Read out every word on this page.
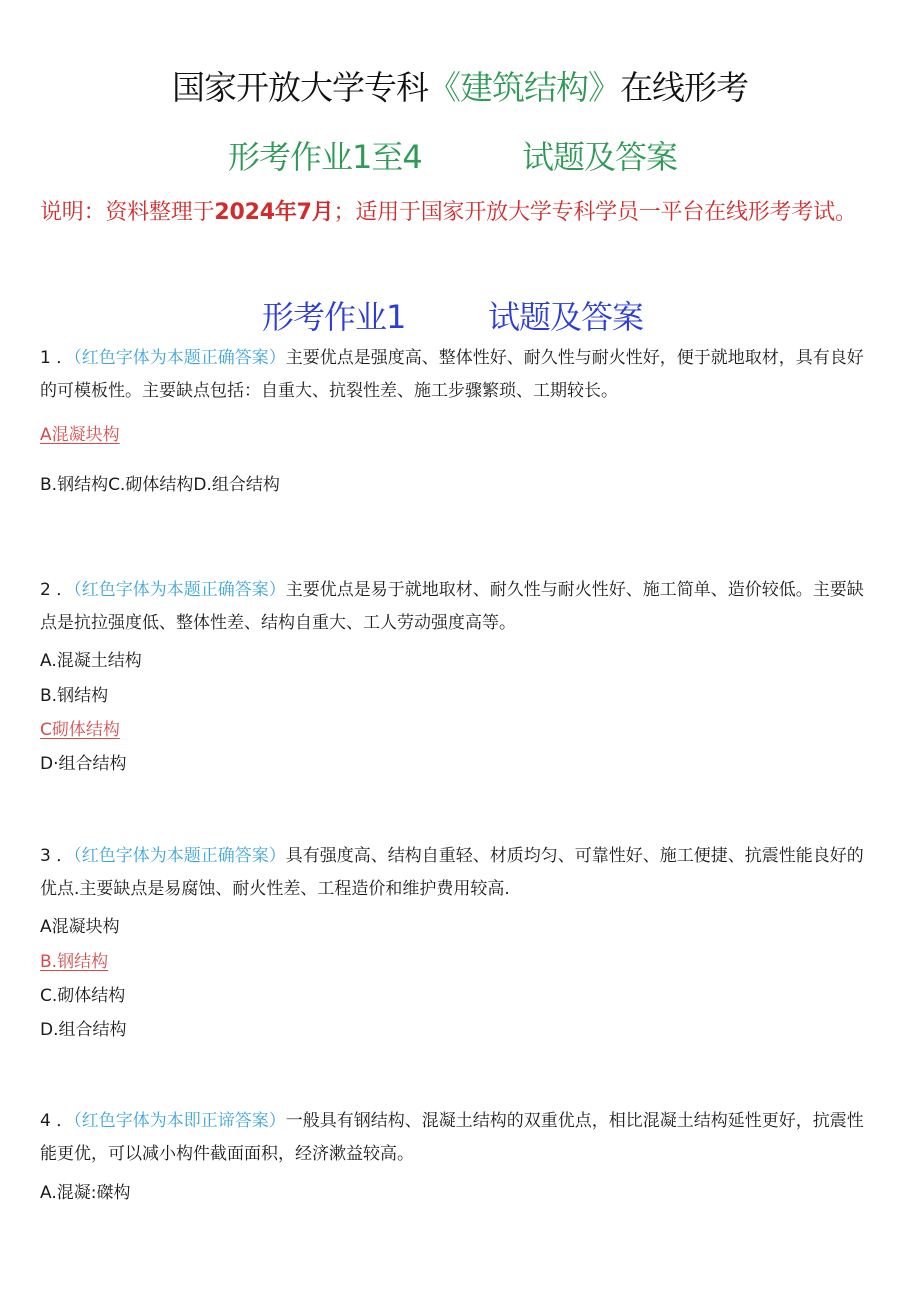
国家开放大学专科《建筑结构》在线形考
形考作业1至4	试题及答案
说明：资料整理于2024年7月；适用于国家开放大学专科学员一平台在线形考考试。
形考作业1	试题及答案
1 ．（红色字体为本题正确答案）主要优点是强度高、整体性好、耐久性与耐火性好，便于就地取材，具有良好的可模板性。主要缺点包括：自重大、抗裂性差、施工步骤繁琐、工期较长。
A混凝块构
B.钢结构C.砌体结构D.组合结构
2 ．（红色字体为本题正确答案）主要优点是易于就地取材、耐久性与耐火性好、施工简单、造价较低。主要缺点是抗拉强度低、整体性差、结构自重大、工人劳动强度高等。
A.混凝土结构
B.钢结构
C砌体结构
D·组合结构
3 ．（红色字体为本题正确答案）具有强度高、结构自重轻、材质均匀、可靠性好、施工便捷、抗震性能良好的优点.主要缺点是易腐蚀、耐火性差、工程造价和维护费用较高.
A混凝块构
B.钢结构
C.砌体结构
D.组合结构
4 ．（红色字体为本即正谛答案）一般具有钢结构、混凝土结构的双重优点，相比混凝土结构延性更好，抗震性能更优，可以减小构件截面面积，经济漱益较高。
A.混凝:磔构
